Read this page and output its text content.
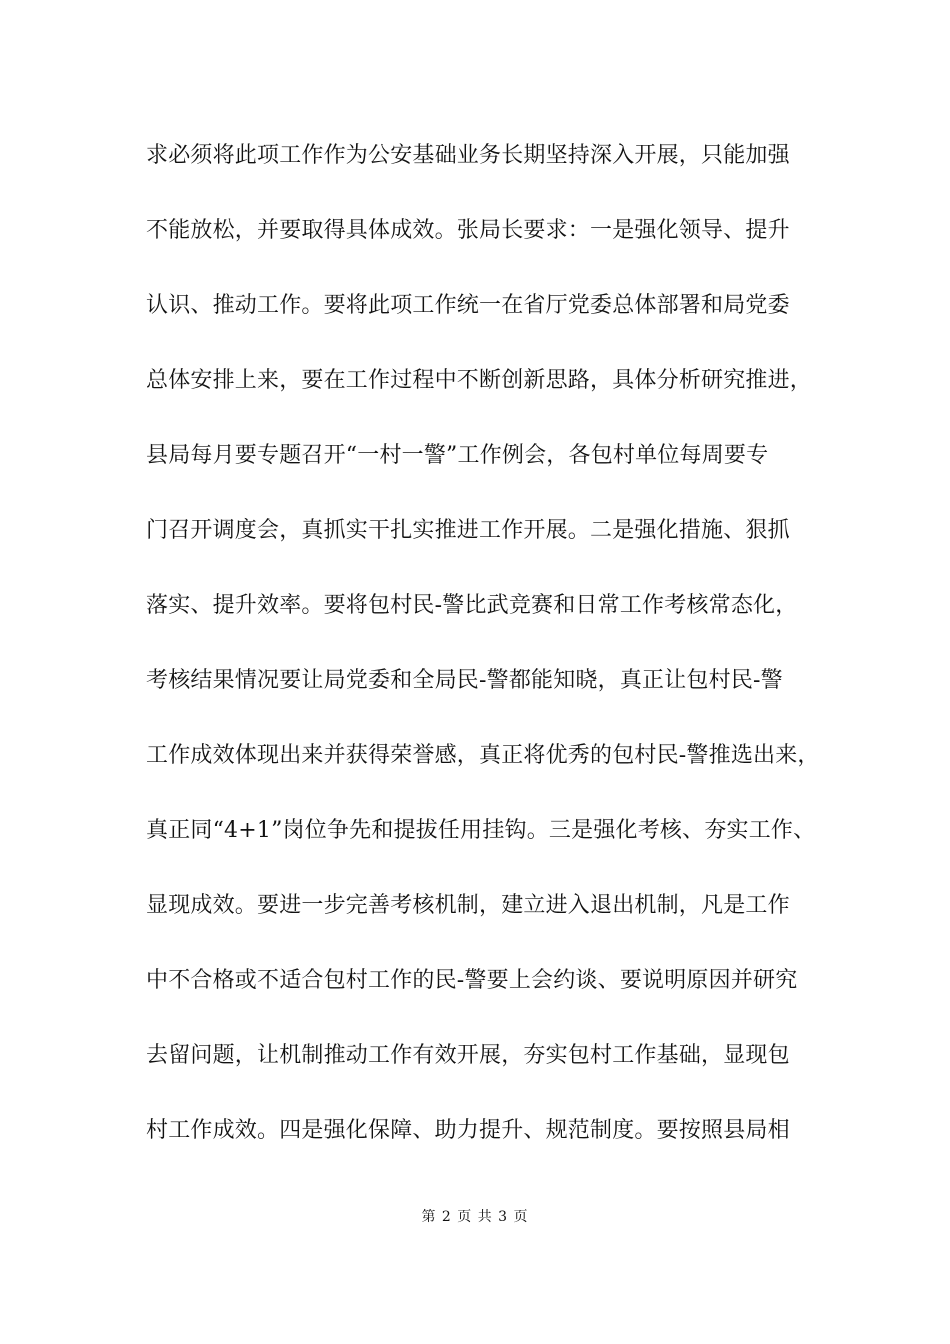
求必须将此项工作作为公安基础业务长期坚持深入开展，只能加强
不能放松，并要取得具体成效。张局长要求：一是强化领导、提升
认识、推动工作。要将此项工作统一在省厅党委总体部署和局党委
总体安排上来，要在工作过程中不断创新思路，具体分析研究推进，
县局每月要专题召开“一村一警”工作例会，各包村单位每周要专
门召开调度会，真抓实干扎实推进工作开展。二是强化措施、狠抓
落实、提升效率。要将包村民-警比武竞赛和日常工作考核常态化，
考核结果情况要让局党委和全局民-警都能知晓，真正让包村民-警
工作成效体现出来并获得荣誉感，真正将优秀的包村民-警推选出来，
真正同“4+1”岗位争先和提拔任用挂钩。三是强化考核、夯实工作、
显现成效。要进一步完善考核机制，建立进入退出机制，凡是工作
中不合格或不适合包村工作的民-警要上会约谈、要说明原因并研究
去留问题，让机制推动工作有效开展，夯实包村工作基础，显现包
村工作成效。四是强化保障、助力提升、规范制度。要按照县局相
第 2 页 共 3 页
